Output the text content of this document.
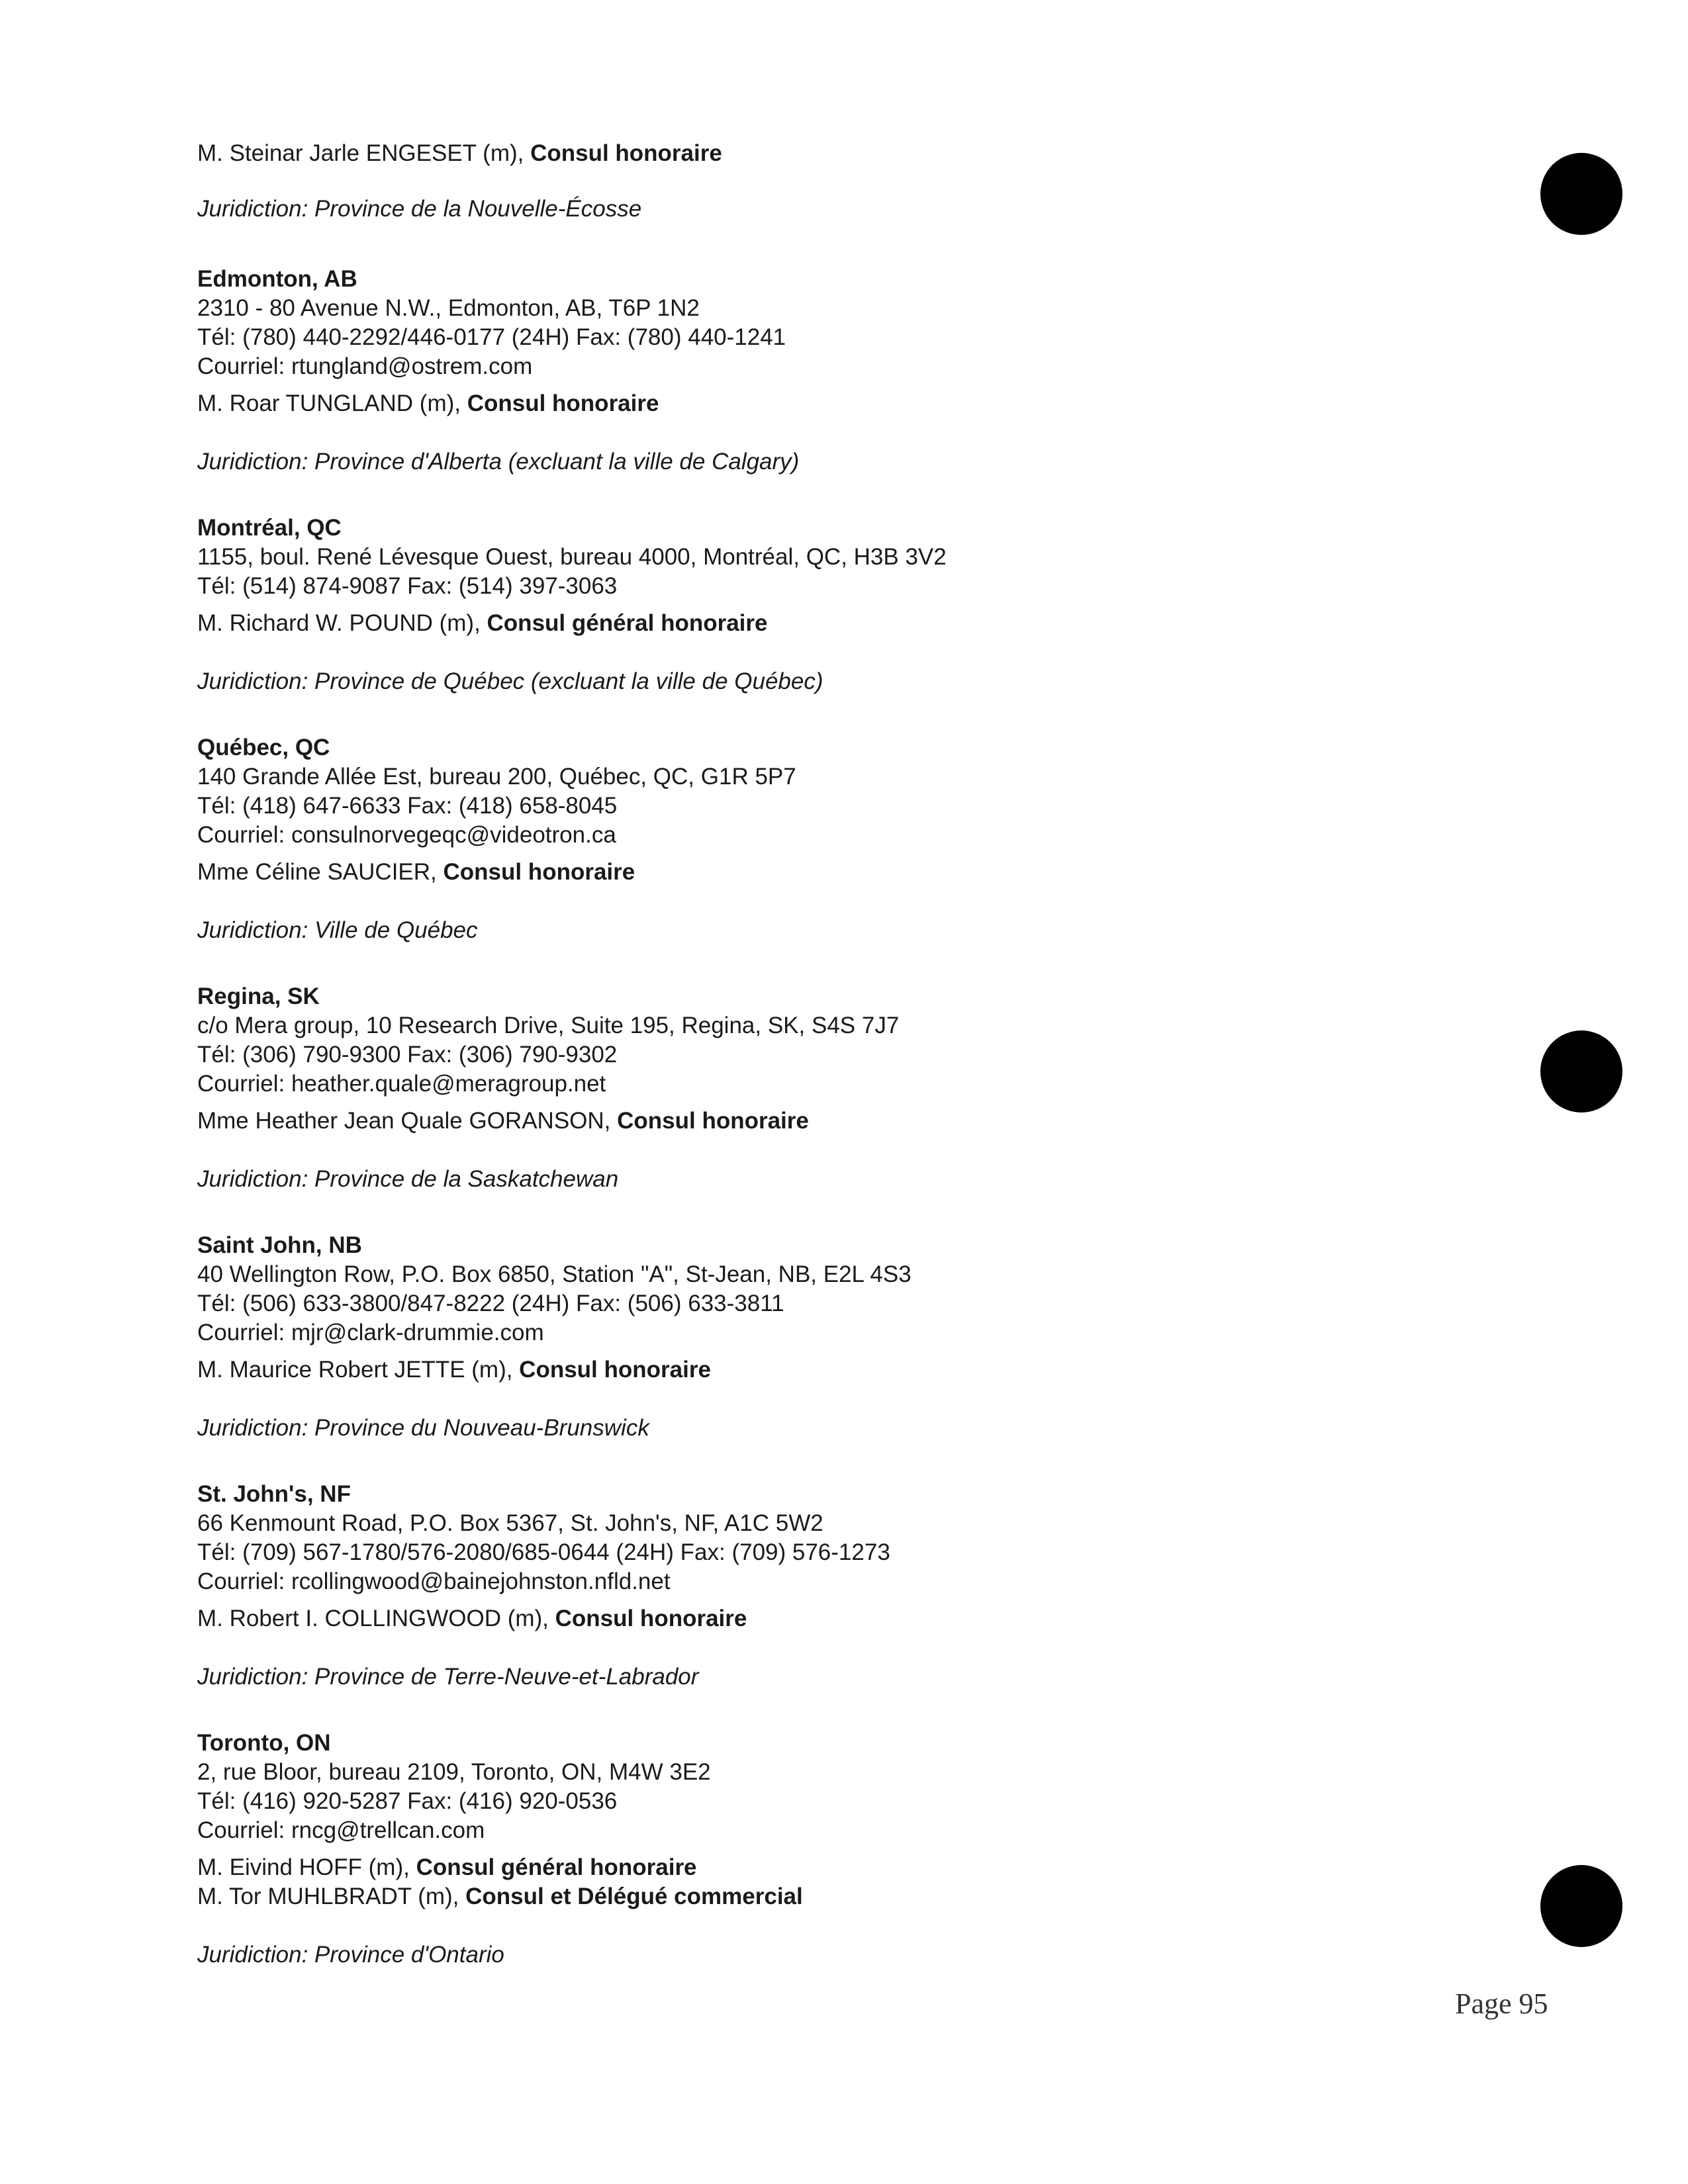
M. Steinar Jarle ENGESET (m), Consul honoraire
Juridiction: Province de la Nouvelle-Écosse
Edmonton, AB
2310 - 80 Avenue N.W., Edmonton, AB, T6P 1N2
Tél: (780) 440-2292/446-0177 (24H) Fax: (780) 440-1241
Courriel: rtungland@ostrem.com
M. Roar TUNGLAND (m), Consul honoraire
Juridiction: Province d'Alberta (excluant la ville de Calgary)
Montréal, QC
1155, boul. René Lévesque Ouest, bureau 4000, Montréal, QC, H3B 3V2
Tél: (514) 874-9087 Fax: (514) 397-3063
M. Richard W. POUND (m), Consul général honoraire
Juridiction: Province de Québec (excluant la ville de Québec)
Québec, QC
140 Grande Allée Est, bureau 200, Québec, QC, G1R 5P7
Tél: (418) 647-6633 Fax: (418) 658-8045
Courriel: consulnorvegeqc@videotron.ca
Mme Céline SAUCIER, Consul honoraire
Juridiction: Ville de Québec
Regina, SK
c/o Mera group, 10 Research Drive, Suite 195, Regina, SK, S4S 7J7
Tél: (306) 790-9300 Fax: (306) 790-9302
Courriel: heather.quale@meragroup.net
Mme Heather Jean Quale GORANSON, Consul honoraire
Juridiction: Province de la Saskatchewan
Saint John, NB
40 Wellington Row, P.O. Box 6850, Station "A", St-Jean, NB, E2L 4S3
Tél: (506) 633-3800/847-8222 (24H) Fax: (506) 633-3811
Courriel: mjr@clark-drummie.com
M. Maurice Robert JETTE (m), Consul honoraire
Juridiction: Province du Nouveau-Brunswick
St. John's, NF
66 Kenmount Road, P.O. Box 5367, St. John's, NF, A1C 5W2
Tél: (709) 567-1780/576-2080/685-0644 (24H) Fax: (709) 576-1273
Courriel: rcollingwood@bainejohnston.nfld.net
M. Robert I. COLLINGWOOD (m), Consul honoraire
Juridiction: Province de Terre-Neuve-et-Labrador
Toronto, ON
2, rue Bloor, bureau 2109, Toronto, ON, M4W 3E2
Tél: (416) 920-5287 Fax: (416) 920-0536
Courriel: rncg@trellcan.com
M. Eivind HOFF (m), Consul général honoraire
M. Tor MUHLBRADT (m), Consul et Délégué commercial
Juridiction: Province d'Ontario
Page 95
